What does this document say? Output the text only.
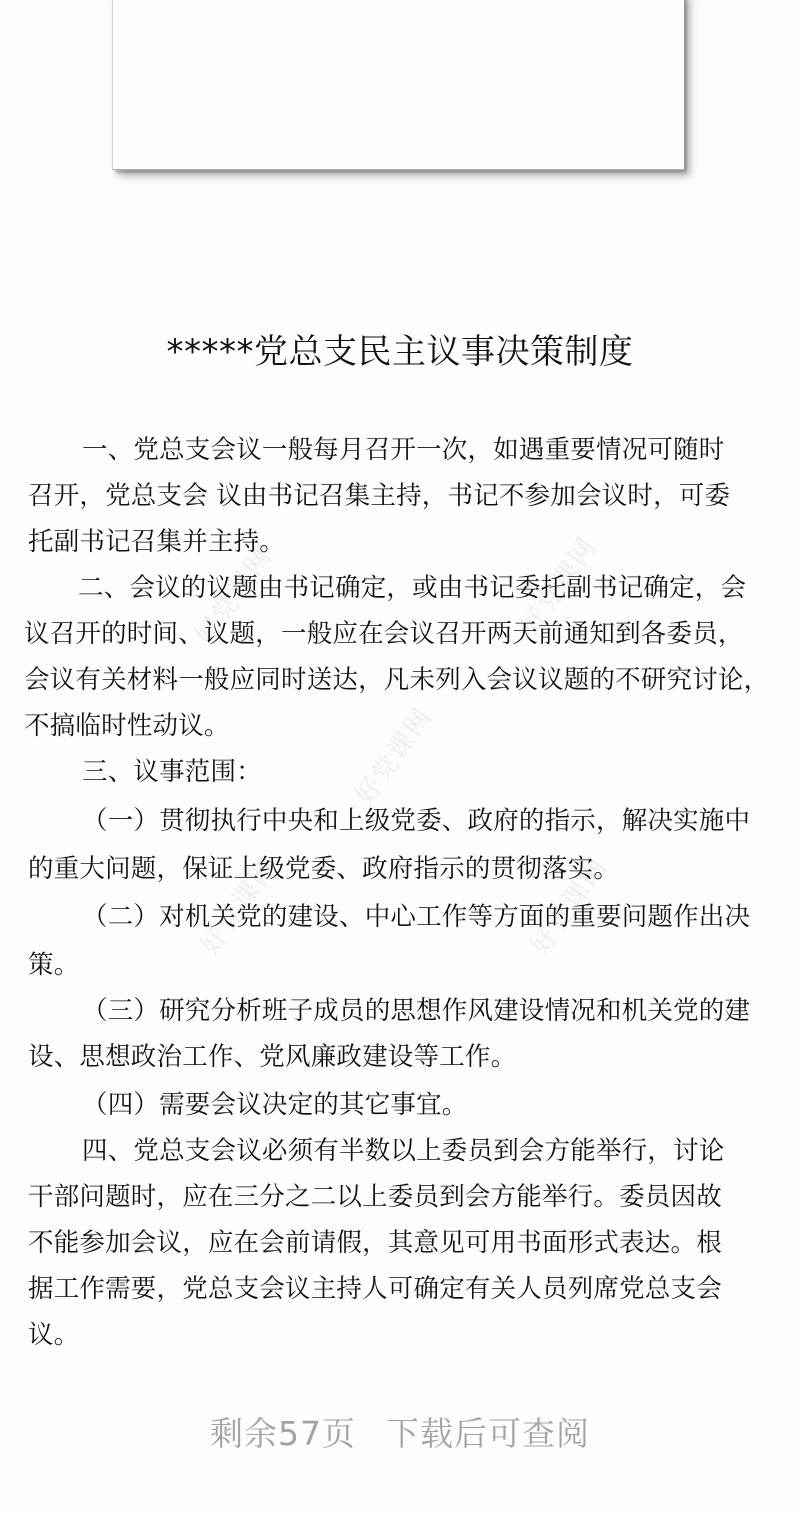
好党课网	好党课网
好党课网
好党课网	好党课网
*****党总支民主议事决策制度
一、党总支会议一般每月召开一次，如遇重要情况可随时
召开，党总支会 议由书记召集主持，书记不参加会议时，可委
托副书记召集并主持。
二、会议的议题由书记确定，或由书记委托副书记确定，会
议召开的时间、议题，一般应在会议召开两天前通知到各委员，
会议有关材料一般应同时送达，凡未列入会议议题的不研究讨论，
不搞临时性动议。
三、议事范围：
（一）贯彻执行中央和上级党委、政府的指示，解决实施中
的重大问题，保证上级党委、政府指示的贯彻落实。
（二）对机关党的建设、中心工作等方面的重要问题作出决
策。
（三）研究分析班子成员的思想作风建设情况和机关党的建
设、思想政治工作、党风廉政建设等工作。
（四）需要会议决定的其它事宜。
四、党总支会议必须有半数以上委员到会方能举行，讨论
干部问题时，应在三分之二以上委员到会方能举行。委员因故
不能参加会议，应在会前请假，其意见可用书面形式表达。根
据工作需要，党总支会议主持人可确定有关人员列席党总支会
议。
剩余57页 下载后可查阅
